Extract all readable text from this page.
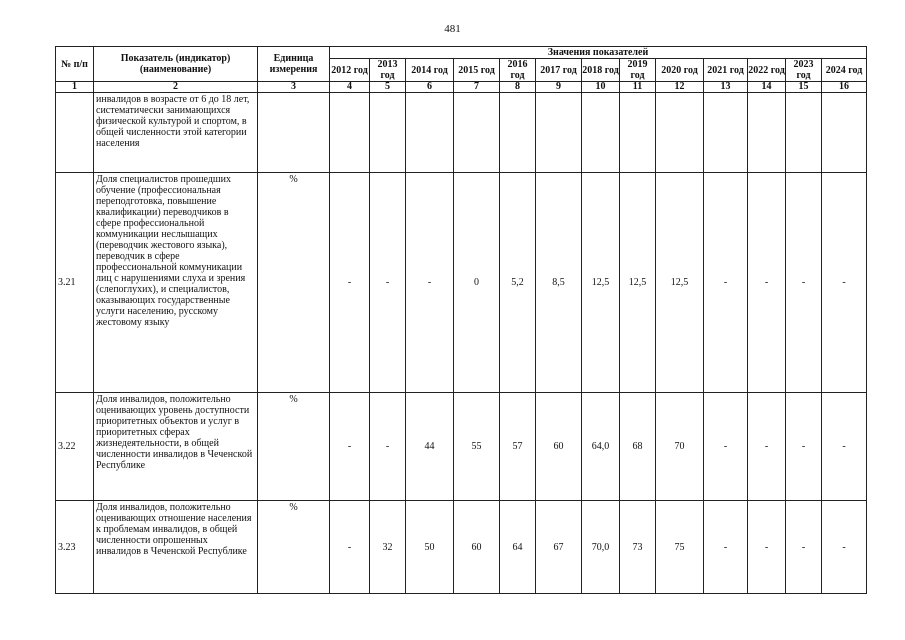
481
№ п/п	Показатель (индикатор) (наименование)	Единица измерения	Значения показателей												
			2012 год	2013 год	2014 год	2015 год	2016 год	2017 год	2018 год	2019 год	2020 год	2021 год	2022 год	2023 год	2024 год
1	2	3	4	5	6	7	8	9	10	11	12	13	14	15	16
	инвалидов в возрасте от 6 до 18 лет, систематически занимающихся физической культурой и спортом, в общей численности этой категории населения														
3.21	Доля специалистов прошедших обучение (профессиональная переподготовка, повышение квалификации) переводчиков в сфере профессиональной коммуникации неслышащих (переводчик жестового языка), переводчик в сфере профессиональной коммуникации лиц с нарушениями слуха и зрения (слепоглухих), и специалистов, оказывающих государственные услуги населению, русскому жестовому языку	%	-	-	-	0	5,2	8,5	12,5	12,5	12,5	-	-	-	-
3.22	Доля инвалидов, положительно оценивающих уровень доступности приоритетных объектов и услуг в приоритетных сферах жизнедеятельности, в общей численности инвалидов в Чеченской Республике	%	-	-	44	55	57	60	64,0	68	70	-	-	-	-
3.23	Доля инвалидов, положительно оценивающих отношение населения к проблемам инвалидов, в общей численности опрошенных инвалидов в Чеченской Республике	%	-	32	50	60	64	67	70,0	73	75	-	-	-	-
